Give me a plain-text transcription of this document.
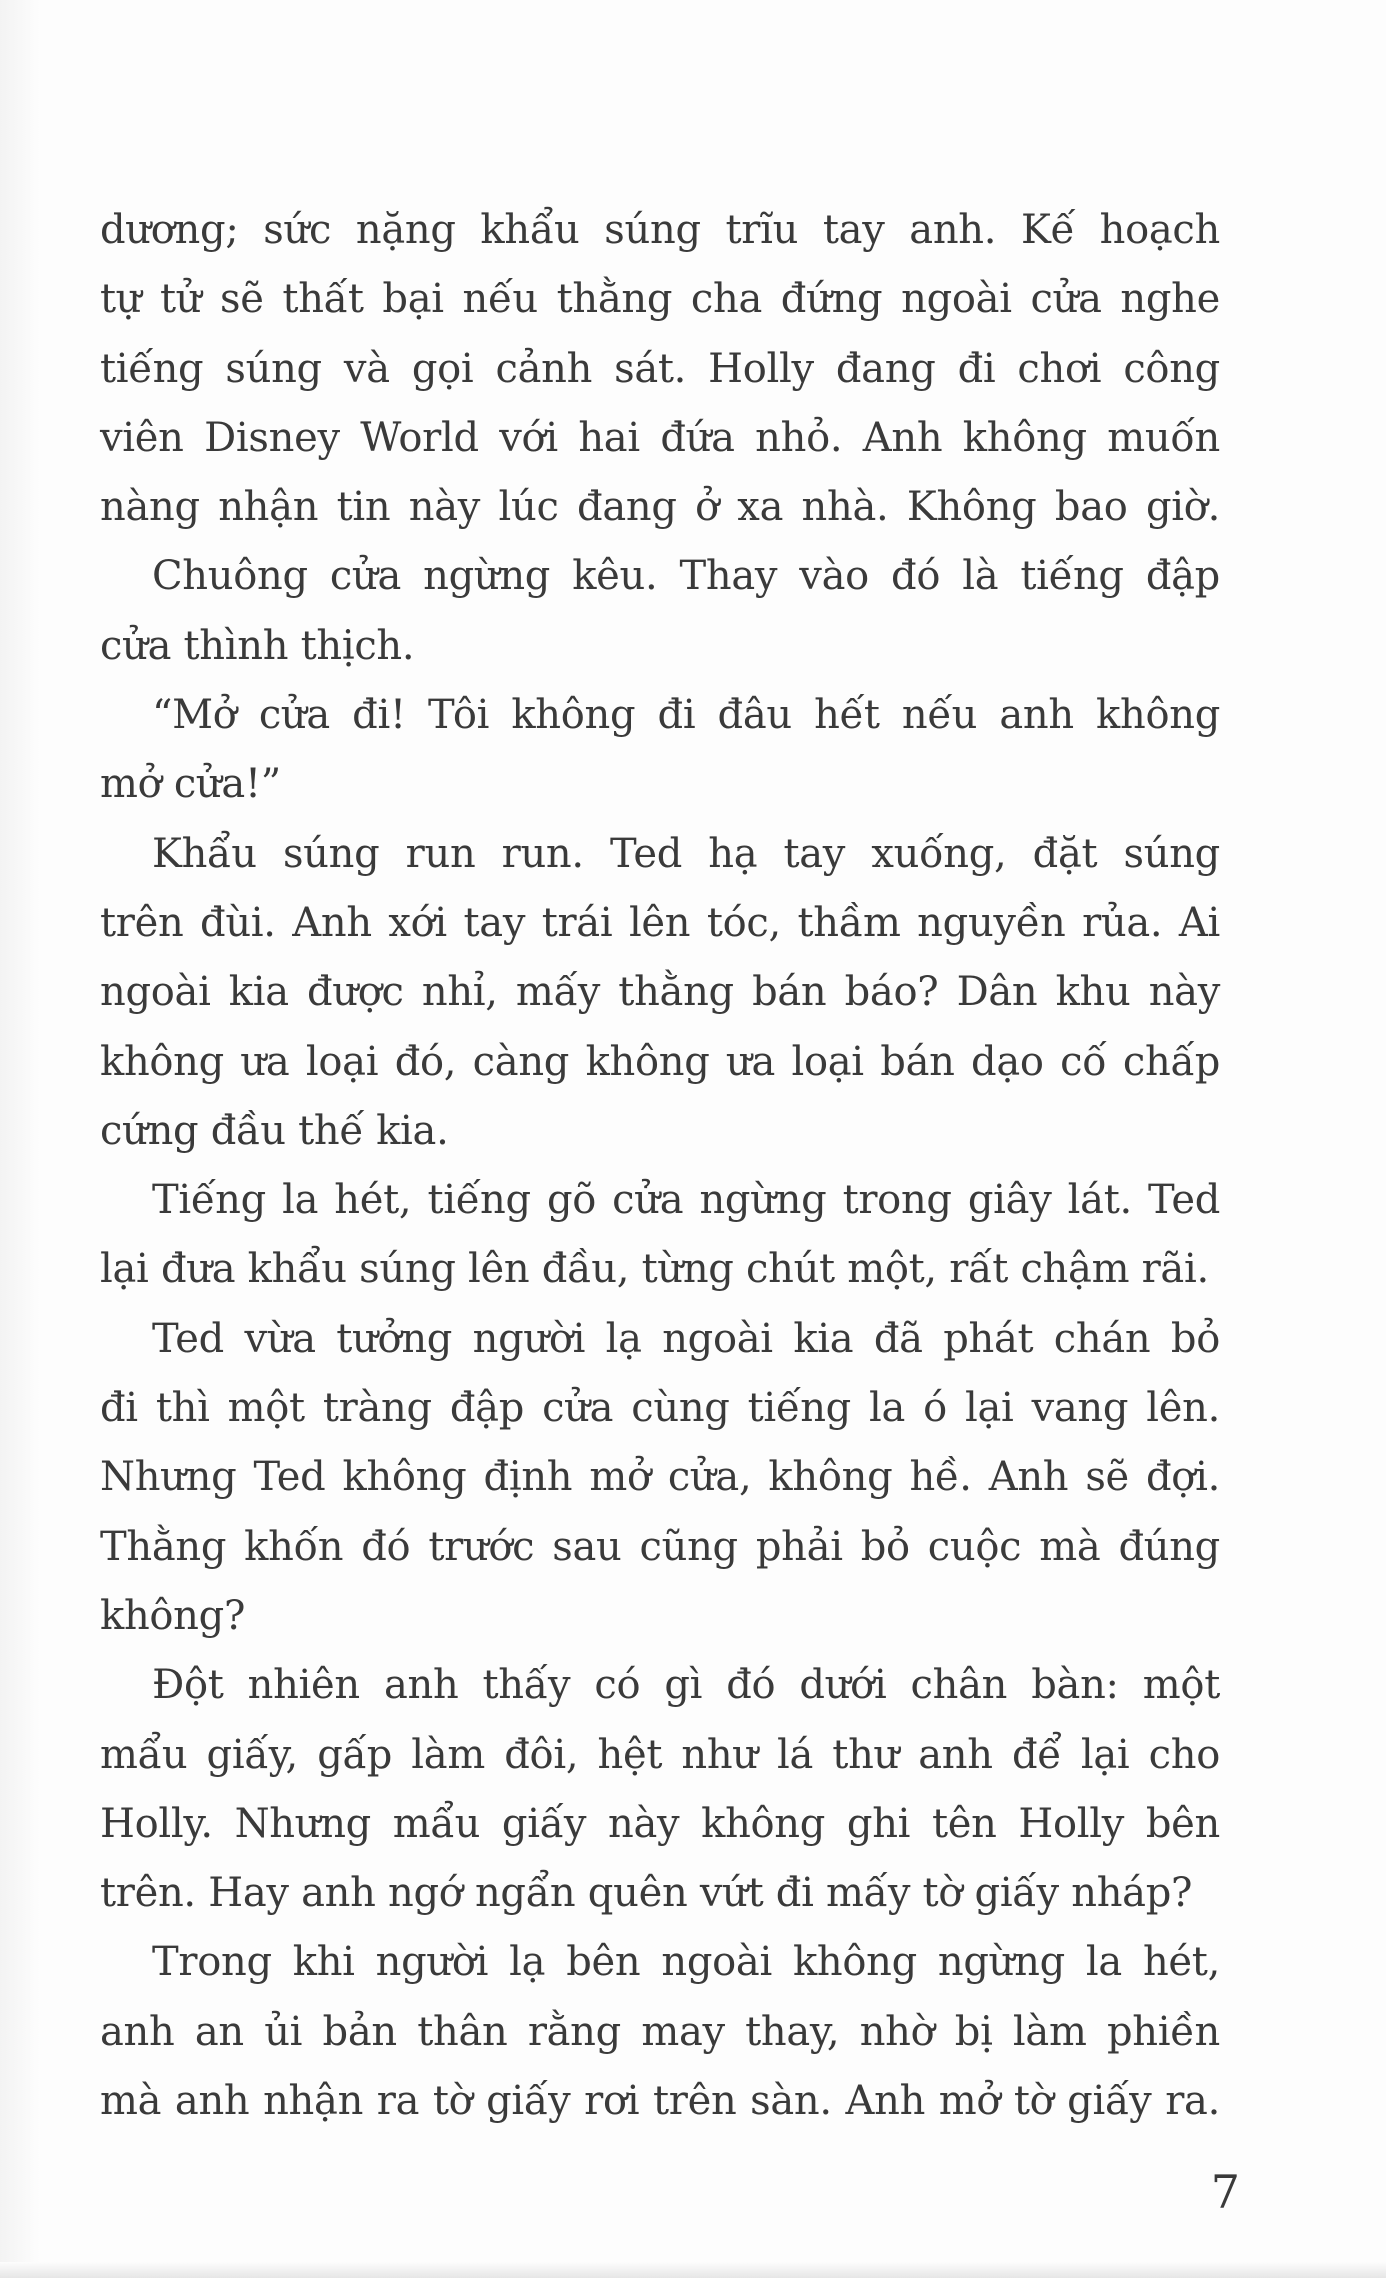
dương; sức nặng khẩu súng trĩu tay anh. Kế hoạch
tự tử sẽ thất bại nếu thằng cha đứng ngoài cửa nghe
tiếng súng và gọi cảnh sát. Holly đang đi chơi công
viên Disney World với hai đứa nhỏ. Anh không muốn
nàng nhận tin này lúc đang ở xa nhà. Không bao giờ.
Chuông cửa ngừng kêu. Thay vào đó là tiếng đập
cửa thình thịch.
“Mở cửa đi! Tôi không đi đâu hết nếu anh không
mở cửa!”
Khẩu súng run run. Ted hạ tay xuống, đặt súng
trên đùi. Anh xới tay trái lên tóc, thầm nguyền rủa. Ai
ngoài kia được nhỉ, mấy thằng bán báo? Dân khu này
không ưa loại đó, càng không ưa loại bán dạo cố chấp
cứng đầu thế kia.
Tiếng la hét, tiếng gõ cửa ngừng trong giây lát. Ted
lại đưa khẩu súng lên đầu, từng chút một, rất chậm rãi.
Ted vừa tưởng người lạ ngoài kia đã phát chán bỏ
đi thì một tràng đập cửa cùng tiếng la ó lại vang lên.
Nhưng Ted không định mở cửa, không hề. Anh sẽ đợi.
Thằng khốn đó trước sau cũng phải bỏ cuộc mà đúng
không?
Đột nhiên anh thấy có gì đó dưới chân bàn: một
mẩu giấy, gấp làm đôi, hệt như lá thư anh để lại cho
Holly. Nhưng mẩu giấy này không ghi tên Holly bên
trên. Hay anh ngớ ngẩn quên vứt đi mấy tờ giấy nháp?
Trong khi người lạ bên ngoài không ngừng la hét,
anh an ủi bản thân rằng may thay, nhờ bị làm phiền
mà anh nhận ra tờ giấy rơi trên sàn. Anh mở tờ giấy ra.
7
